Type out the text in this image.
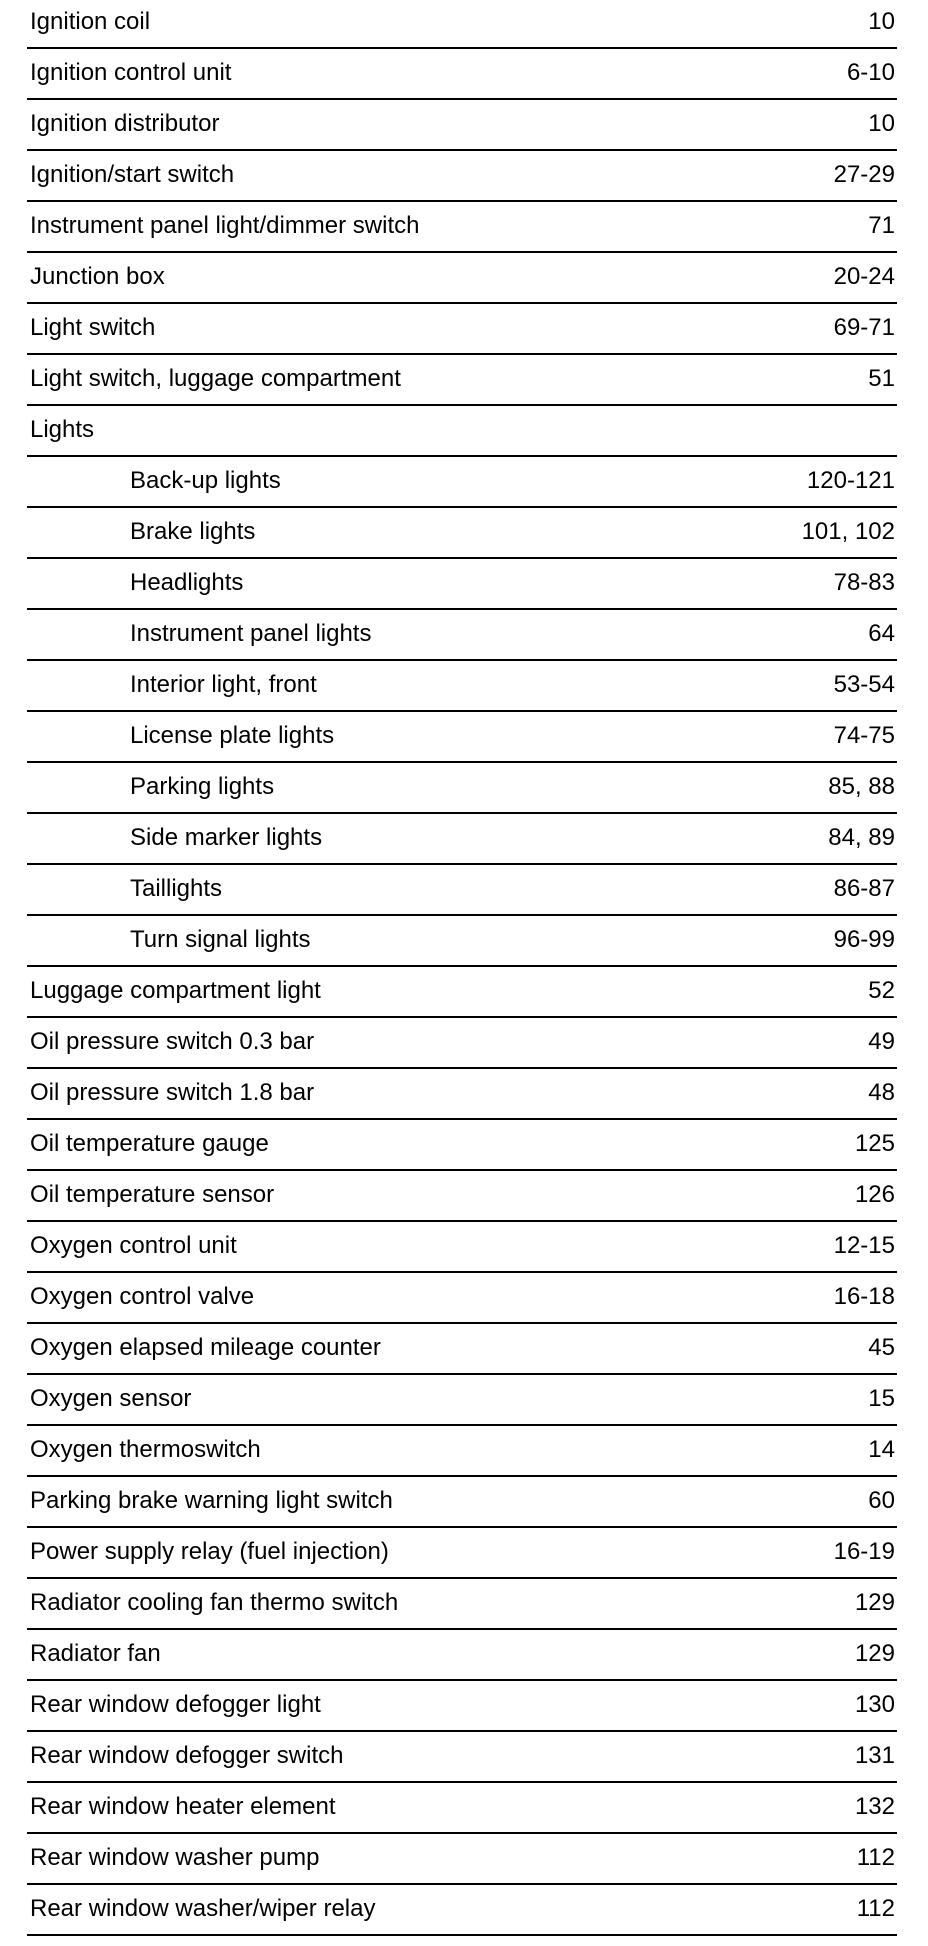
Ignition coil	10
Ignition control unit	6-10
Ignition distributor	10
Ignition/start switch	27-29
Instrument panel light/dimmer switch	71
Junction box	20-24
Light switch	69-71
Light switch, luggage compartment	51
Lights
Back-up lights	120-121
Brake lights	101, 102
Headlights	78-83
Instrument panel lights	64
Interior light, front	53-54
License plate lights	74-75
Parking lights	85, 88
Side marker lights	84, 89
Taillights	86-87
Turn signal lights	96-99
Luggage compartment light	52
Oil pressure switch 0.3 bar	49
Oil pressure switch 1.8 bar	48
Oil temperature gauge	125
Oil temperature sensor	126
Oxygen control unit	12-15
Oxygen control valve	16-18
Oxygen elapsed mileage counter	45
Oxygen sensor	15
Oxygen thermoswitch	14
Parking brake warning light switch	60
Power supply relay (fuel injection)	16-19
Radiator cooling fan thermo switch	129
Radiator fan	129
Rear window defogger light	130
Rear window defogger switch	131
Rear window heater element	132
Rear window washer pump	112
Rear window washer/wiper relay	112
